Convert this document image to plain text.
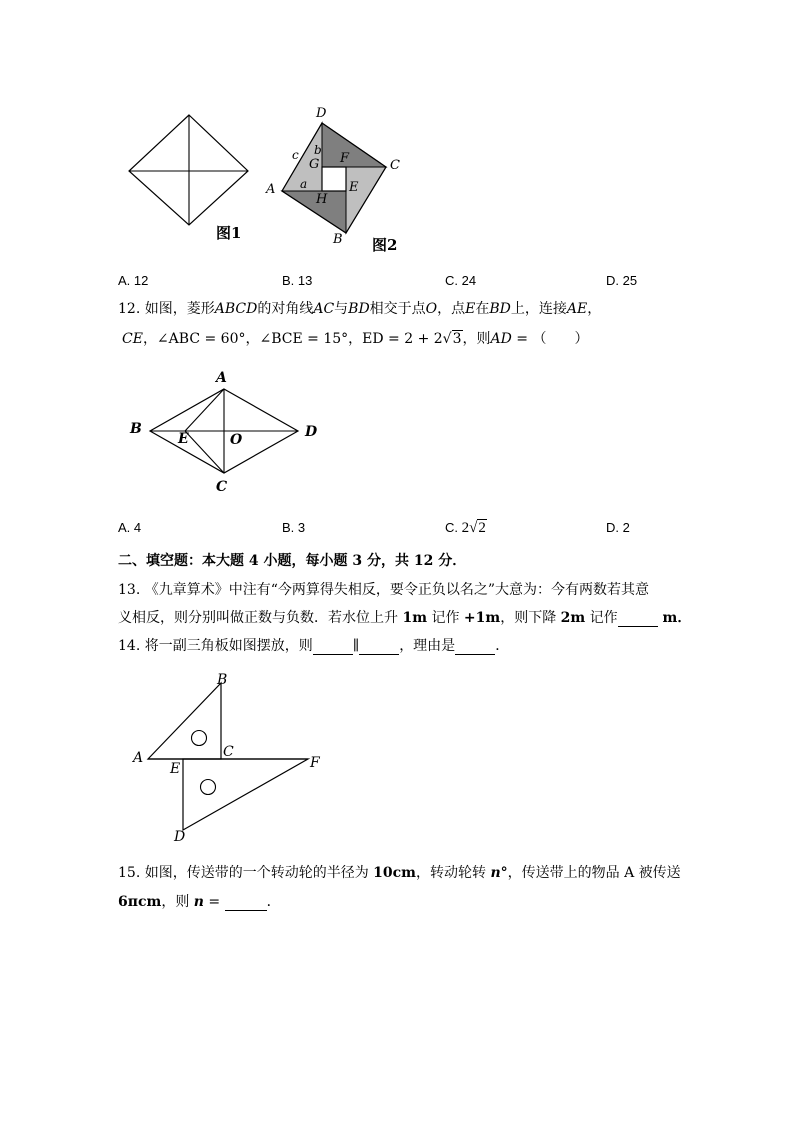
图1
D
C
A
B
G F
E
H
a
b
c
图2
A. 12	B. 13	C. 24	D. 25
12. 如图，菱形ABCD的对角线AC与BD相交于点O，点E在BD上，连接AE，
CE，∠ABC = 60°，∠BCE = 15°，ED = 2 + 2√3，则AD = （　　）
A
B	D
E	O
C
A. 4	B. 3	C. 2√2	D. 2
二、填空题：本大题 4 小题，每小题 3 分，共 12 分．
13. 《九章算术》中注有“今两算得失相反，要令正负以名之”大意为：今有两数若其意
义相反，则分别叫做正数与负数．若水位上升 1m 记作 +1m，则下降 2m 记作	m．
14. 将一副三角板如图摆放，则	∥	，理由是	．
B
A	C
E	F
D
15. 如图，传送带的一个转动轮的半径为 10cm，转动轮转 n°，传送带上的物品 A 被传送
6πcm，则 n =	．
